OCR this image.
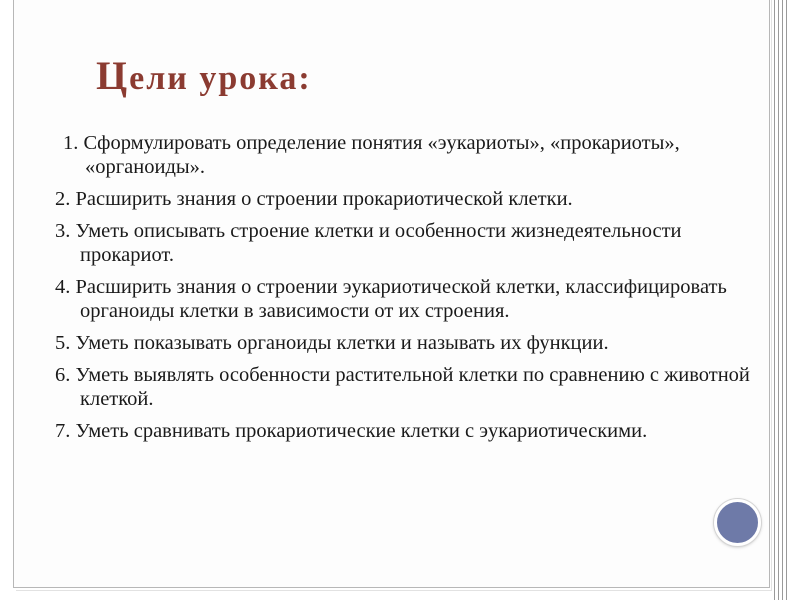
Цели урока:
1. Сформулировать определение понятия «эукариоты», «прокариоты», «органоиды».
2. Расширить знания о строении прокариотической клетки.
3. Уметь описывать строение клетки и особенности жизнедеятельности прокариот.
4. Расширить знания о строении эукариотической клетки, классифицировать органоиды клетки в зависимости от их строения.
5. Уметь показывать органоиды клетки и называть их функции.
6. Уметь выявлять особенности растительной клетки по сравнению с животной клеткой.
7. Уметь сравнивать прокариотические клетки с эукариотическими.
